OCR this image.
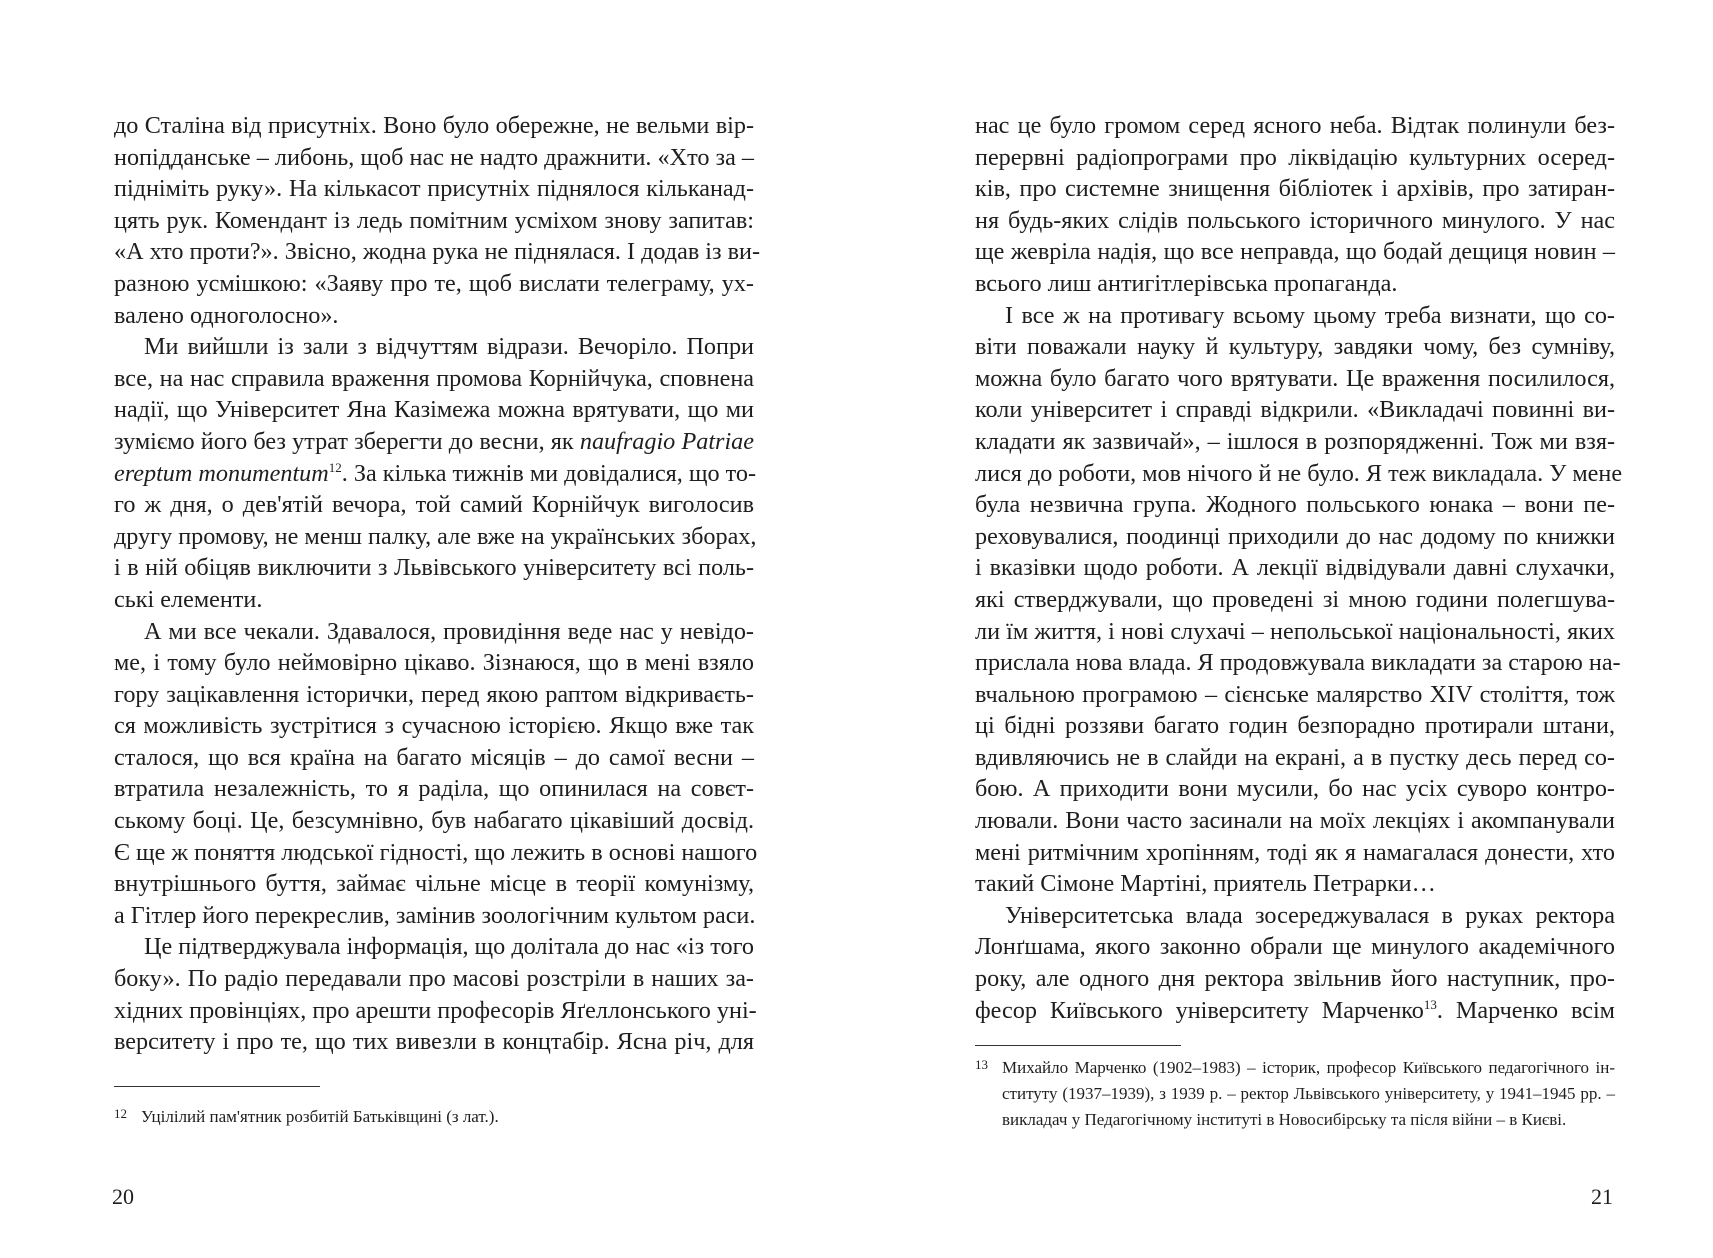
до Сталіна від присутніх. Воно було обережне, не вельми вір-
нопідданське – либонь, щоб нас не надто дражнити. «Хто за –
підніміть руку». На кількасот присутніх піднялося кільканад-
цять рук. Комендант із ледь помітним усміхом знову запитав:
«А хто проти?». Звісно, жодна рука не піднялася. І додав із ви-
разною усмішкою: «Заяву про те, щоб вислати телеграму, ух-
валено одноголосно».
Ми вийшли із зали з відчуттям відрази. Вечоріло. Попри
все, на нас справила враження промова Корнійчука, сповнена
надії, що Університет Яна Казімежа можна врятувати, що ми
зуміємо його без утрат зберегти до весни, як naufragio Patriae
ereptum monumentum$^{12}$. За кілька тижнів ми довідалися, що то-
го ж дня, о дев'ятій вечора, той самий Корнійчук виголосив
другу промову, не менш палку, але вже на українських зборах,
і в ній обіцяв виключити з Львівського університету всі поль-
ські елементи.
А ми все чекали. Здавалося, провидіння веде нас у невідо-
ме, і тому було неймовірно цікаво. Зізнаюся, що в мені взяло
гору зацікавлення історички, перед якою раптом відкриваєть-
ся можливість зустрітися з сучасною історією. Якщо вже так
сталося, що вся країна на багато місяців – до самої весни –
втратила незалежність, то я раділа, що опинилася на совєт-
ському боці. Це, безсумнівно, був набагато цікавіший досвід.
Є ще ж поняття людської гідності, що лежить в основі нашого
внутрішнього буття, займає чільне місце в теорії комунізму,
а Гітлер його перекреслив, замінив зоологічним культом раси.
Це підтверджувала інформація, що долітала до нас «із того
боку». По радіо передавали про масові розстріли в наших за-
хідних провінціях, про арешти професорів Яґеллонського уні-
верситету і про те, що тих вивезли в концтабір. Ясна річ, для
12 Уцілілий пам'ятник розбитій Батьківщині (з лат.).
20
нас це було громом серед ясного неба. Відтак полинули без-
перервні радіопрограми про ліквідацію культурних осеред-
ків, про системне знищення бібліотек і архівів, про затиран-
ня будь-яких слідів польського історичного минулого. У нас
ще жевріла надія, що все неправда, що бодай дещиця новин –
всього лиш антигітлерівська пропаганда.
І все ж на противагу всьому цьому треба визнати, що со-
віти поважали науку й культуру, завдяки чому, без сумніву,
можна було багато чого врятувати. Це враження посилилося,
коли університет і справді відкрили. «Викладачі повинні ви-
кладати як зазвичай», – ішлося в розпорядженні. Тож ми взя-
лися до роботи, мов нічого й не було. Я теж викладала. У мене
була незвична група. Жодного польського юнака – вони пе-
реховувалися, поодинці приходили до нас додому по книжки
і вказівки щодо роботи. А лекції відвідували давні слухачки,
які стверджували, що проведені зі мною години полегшува-
ли їм життя, і нові слухачі – непольської національності, яких
прислала нова влада. Я продовжувала викладати за старою на-
вчальною програмою – сієнське малярство XIV століття, тож
ці бідні роззяви багато годин безпорадно протирали штани,
вдивляючись не в слайди на екрані, а в пустку десь перед со-
бою. А приходити вони мусили, бо нас усіх суворо контро-
лювали. Вони часто засинали на моїх лекціях і акомпанували
мені ритмічним хропінням, тоді як я намагалася донести, хто
такий Сімоне Мартіні, приятель Петрарки…
Університетська влада зосереджувалася в руках ректора
Лонґшама, якого законно обрали ще минулого академічного
року, але одного дня ректора звільнив його наступник, про-
фесор Київського університету Марченко$^{13}$. Марченко всім
13 Михайло Марченко (1902–1983) – історик, професор Київського педагогічного ін-
ституту (1937–1939), з 1939 р. – ректор Львівського університету, у 1941–1945 рр. –
викладач у Педагогічному інституті в Новосибірську та після війни – в Києві.
21
